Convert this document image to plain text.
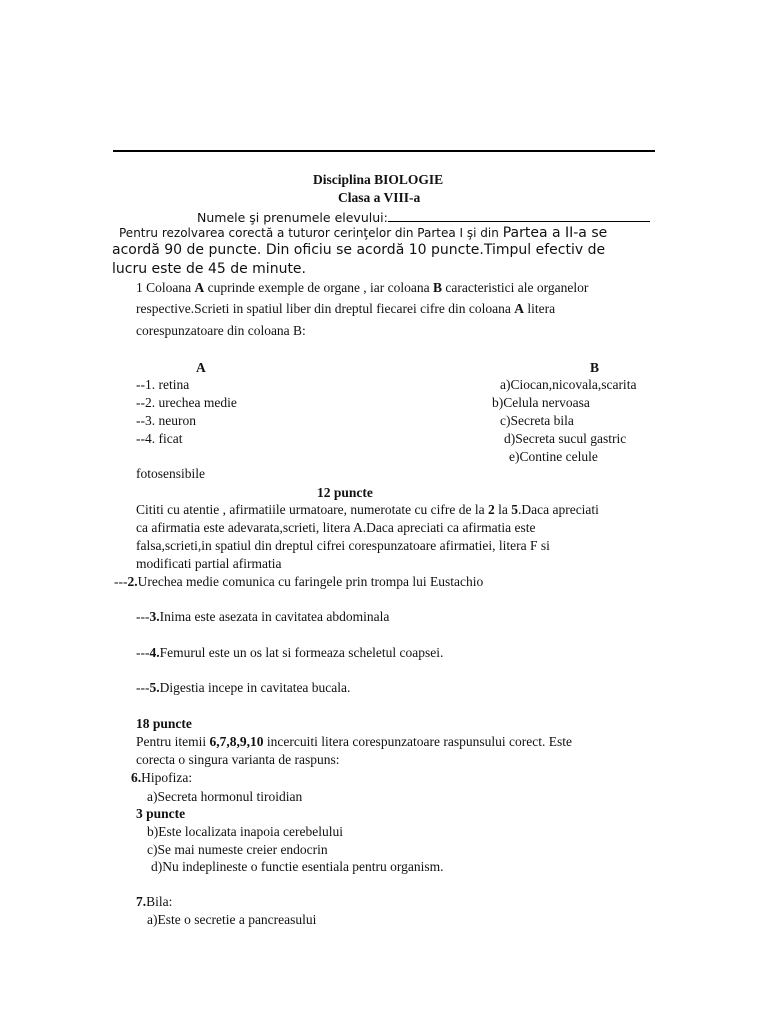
Disciplina BIOLOGIE
Clasa a VIII-a
Numele şi prenumele elevului:
Pentru rezolvarea corectă a tuturor cerinţelor din Partea I şi din Partea a II-a se
acordă 90 de puncte. Din oficiu se acordă 10 puncte.Timpul efectiv de
lucru este de 45 de minute.
1 Coloana A cuprinde exemple de organe , iar coloana B caracteristici ale organelor
respective.Scrieti in spatiul liber din dreptul fiecarei cifre din coloana A litera
corespunzatoare din coloana B:
A	B
--1. retina
--2. urechea medie
--3. neuron
--4. ficat
a)Ciocan,nicovala,scarita
b)Celula nervoasa
c)Secreta bila
d)Secreta sucul gastric
e)Contine celule
fotosensibile
12 puncte
Cititi cu atentie , afirmatiile urmatoare, numerotate cu cifre de la 2 la 5.Daca apreciati
ca afirmatia este adevarata,scrieti, litera A.Daca apreciati ca afirmatia este
falsa,scrieti,in spatiul din dreptul cifrei corespunzatoare afirmatiei, litera F si
modificati partial afirmatia
---2.Urechea medie comunica cu faringele prin trompa lui Eustachio
---3.Inima este asezata in cavitatea abdominala
---4.Femurul este un os lat si formeaza scheletul coapsei.
---5.Digestia incepe in cavitatea bucala.
18 puncte
Pentru itemii 6,7,8,9,10 incercuiti litera corespunzatoare raspunsului corect. Este
corecta o singura varianta de raspuns:
6.Hipofiza:
a)Secreta hormonul tiroidian
3 puncte
b)Este localizata inapoia cerebelului
c)Se mai numeste creier endocrin
d)Nu indeplineste o functie esentiala pentru organism.
7.Bila:
a)Este o secretie a pancreasului
